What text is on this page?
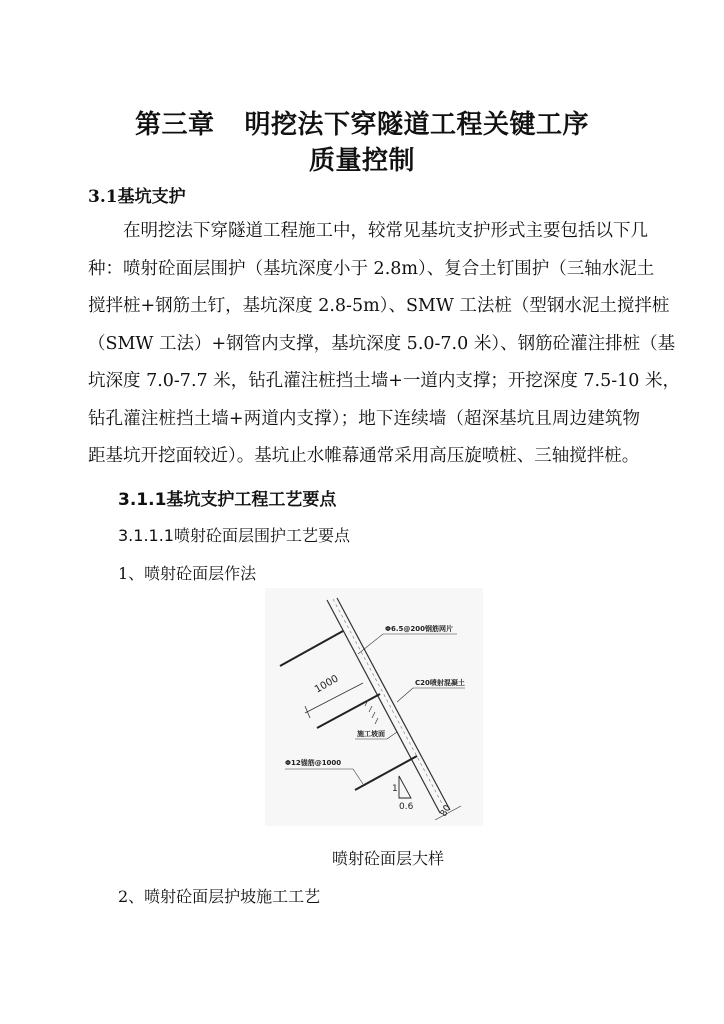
第三章 明挖法下穿隧道工程关键工序
质量控制
3.1基坑支护
在明挖法下穿隧道工程施工中，较常见基坑支护形式主要包括以下几
种：喷射砼面层围护（基坑深度小于 2.8m）、复合土钉围护（三轴水泥土
搅拌桩+钢筋土钉，基坑深度 2.8-5m）、SMW 工法桩（型钢水泥土搅拌桩
（SMW 工法）+钢管内支撑，基坑深度 5.0-7.0 米）、钢筋砼灌注排桩（基
坑深度 7.0-7.7 米，钻孔灌注桩挡土墙+一道内支撑；开挖深度 7.5-10 米，
钻孔灌注桩挡土墙+两道内支撑）；地下连续墙（超深基坑且周边建筑物
距基坑开挖面较近）。基坑止水帷幕通常采用高压旋喷桩、三轴搅拌桩。
3.1.1基坑支护工程工艺要点
3.1.1.1喷射砼面层围护工艺要点
1、喷射砼面层作法
1000
Φ6.5@200钢筋网片
C20喷射混凝土
施工坡面
Φ12锚筋@1000
1
0.6	80
喷射砼面层大样
2、喷射砼面层护坡施工工艺
